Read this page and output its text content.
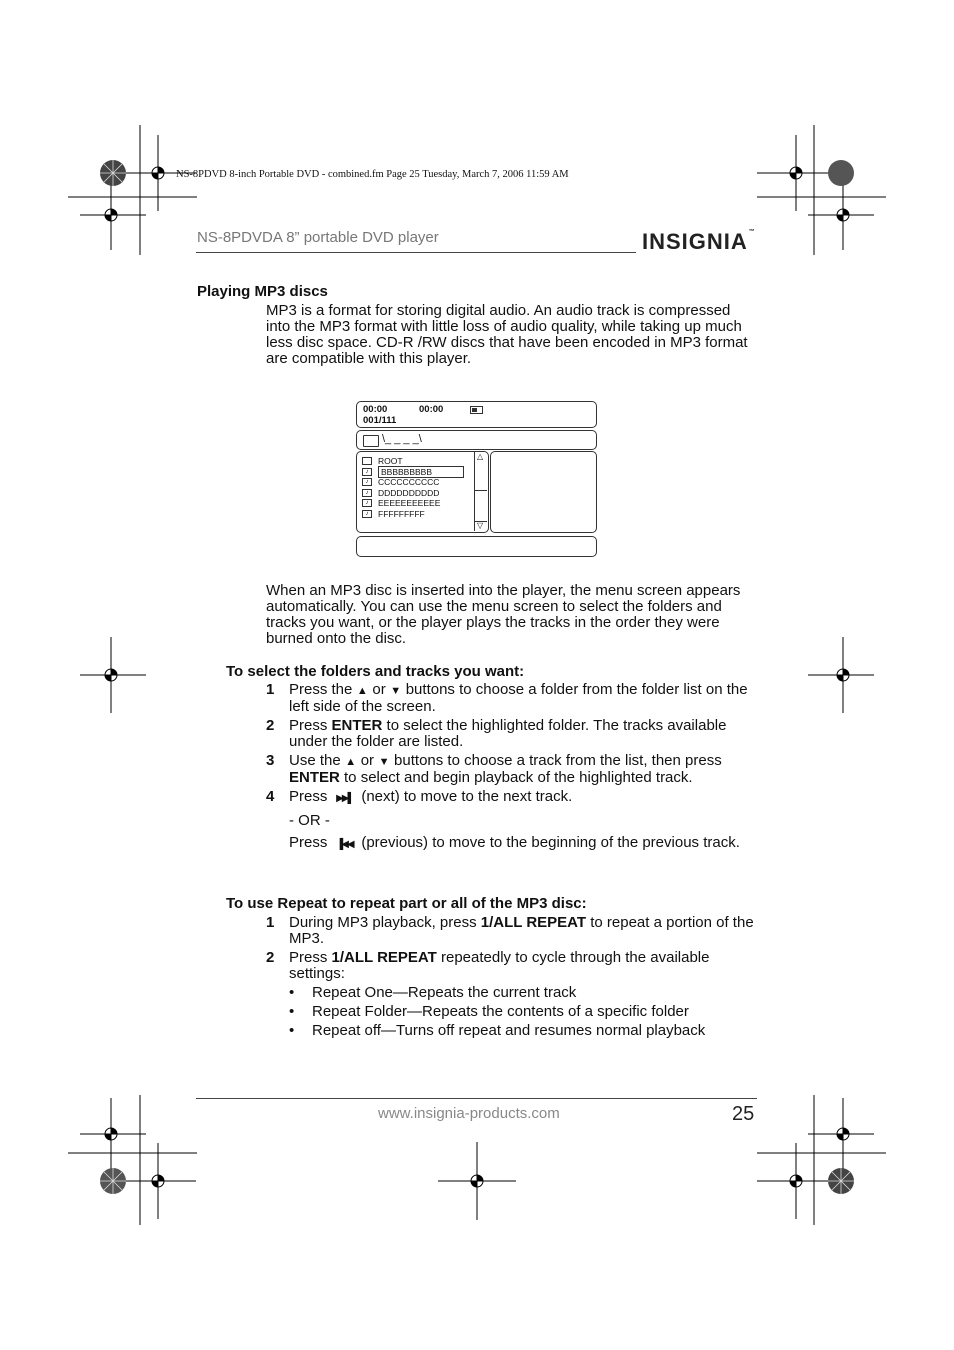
NS-8PDVD 8-inch Portable DVD - combined.fm Page 25 Tuesday, March 7, 2006 11:59 AM
NS-8PDVDA 8” portable DVD player	INSIGNIA™
Playing MP3 discs
MP3 is a format for storing digital audio. An audio track is compressed into the MP3 format with little loss of audio quality, while taking up much less disc space. CD-R /RW discs that have been encoded in MP3 format are compatible with this player.
00:00	00:00
001/111
\_ _ _ _\
ROOT
♪	BBBBBBBBB
♪	CCCCCCCCCC
♪	DDDDDDDDDD
♪	EEEEEEEEEEE
♪	FFFFFFFFF
△
▽
When an MP3 disc is inserted into the player, the menu screen appears automatically. You can use the menu screen to select the folders and tracks you want, or the player plays the tracks in the order they were burned onto the disc.
To select the folders and tracks you want:
1 Press the ▲ or ▼ buttons to choose a folder from the folder list on the left side of the screen.
2 Press ENTER to select the highlighted folder. The tracks available under the folder are listed.
3 Use the ▲ or ▼ buttons to choose a track from the list, then press ENTER to select and begin playback of the highlighted track.
4 Press ▶▶▌ (next) to move to the next track.
- OR -
Press ▐◀◀ (previous) to move to the beginning of the previous track.
To use Repeat to repeat part or all of the MP3 disc:
1 During MP3 playback, press 1/ALL REPEAT to repeat a portion of the MP3.
2 Press 1/ALL REPEAT repeatedly to cycle through the available settings:
• Repeat One—Repeats the current track
• Repeat Folder—Repeats the contents of a specific folder
• Repeat off—Turns off repeat and resumes normal playback
www.insignia-products.com	25
